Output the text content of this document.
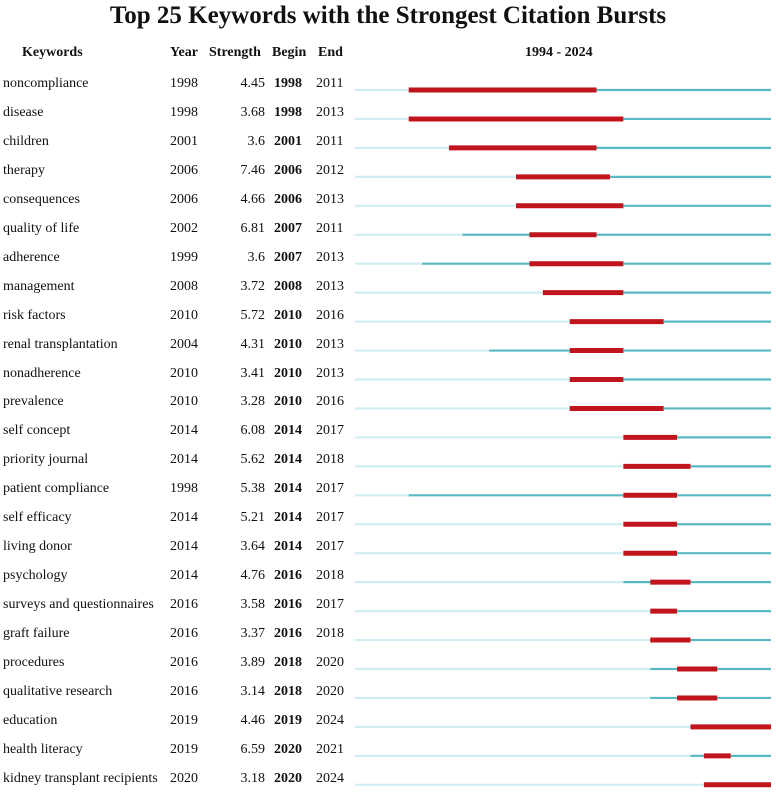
Top 25 Keywords with the Strongest Citation Bursts
Keywords	Year Strength Begin End	1994 - 2024
noncompliance	1998	4.45 1998 2011
disease	1998	3.68 1998 2013
children	2001	3.6 2001 2011
therapy	2006	7.46 2006 2012
consequences	2006	4.66 2006 2013
quality of life	2002	6.81 2007 2011
adherence	1999	3.6 2007 2013
management	2008	3.72 2008 2013
risk factors	2010	5.72 2010 2016
renal transplantation	2004	4.31 2010 2013
nonadherence	2010	3.41 2010 2013
prevalence	2010	3.28 2010 2016
self concept	2014	6.08 2014 2017
priority journal	2014	5.62 2014 2018
patient compliance	1998	5.38 2014 2017
self efficacy	2014	5.21 2014 2017
living donor	2014	3.64 2014 2017
psychology	2014	4.76 2016 2018
surveys and questionnaires 2016	3.58 2016 2017
graft failure	2016	3.37 2016 2018
procedures	2016	3.89 2018 2020
qualitative research	2016	3.14 2018 2020
education	2019	4.46 2019 2024
health literacy	2019	6.59 2020 2021
kidney transplant recipients 2020	3.18 2020 2024
